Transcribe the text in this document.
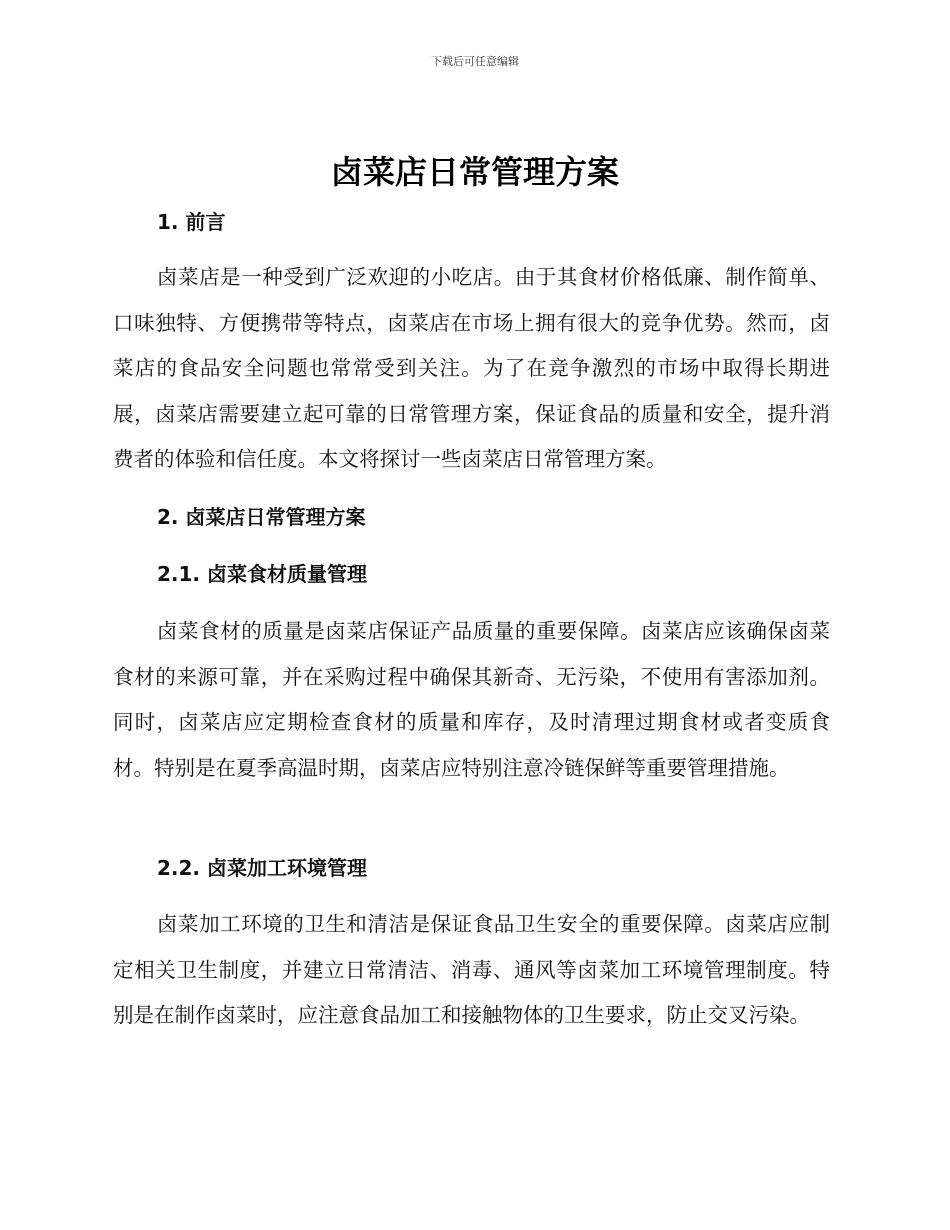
下载后可任意编辑
卤菜店日常管理方案
1. 前言
卤菜店是一种受到广泛欢迎的小吃店。由于其食材价格低廉、制作简单、口味独特、方便携带等特点，卤菜店在市场上拥有很大的竞争优势。然而，卤菜店的食品安全问题也常常受到关注。为了在竞争激烈的市场中取得长期进展，卤菜店需要建立起可靠的日常管理方案，保证食品的质量和安全，提升消费者的体验和信任度。本文将探讨一些卤菜店日常管理方案。
2. 卤菜店日常管理方案
2.1. 卤菜食材质量管理
卤菜食材的质量是卤菜店保证产品质量的重要保障。卤菜店应该确保卤菜食材的来源可靠，并在采购过程中确保其新奇、无污染，不使用有害添加剂。同时，卤菜店应定期检查食材的质量和库存，及时清理过期食材或者变质食材。特别是在夏季高温时期，卤菜店应特别注意冷链保鲜等重要管理措施。
2.2. 卤菜加工环境管理
卤菜加工环境的卫生和清洁是保证食品卫生安全的重要保障。卤菜店应制定相关卫生制度，并建立日常清洁、消毒、通风等卤菜加工环境管理制度。特别是在制作卤菜时，应注意食品加工和接触物体的卫生要求，防止交叉污染。
